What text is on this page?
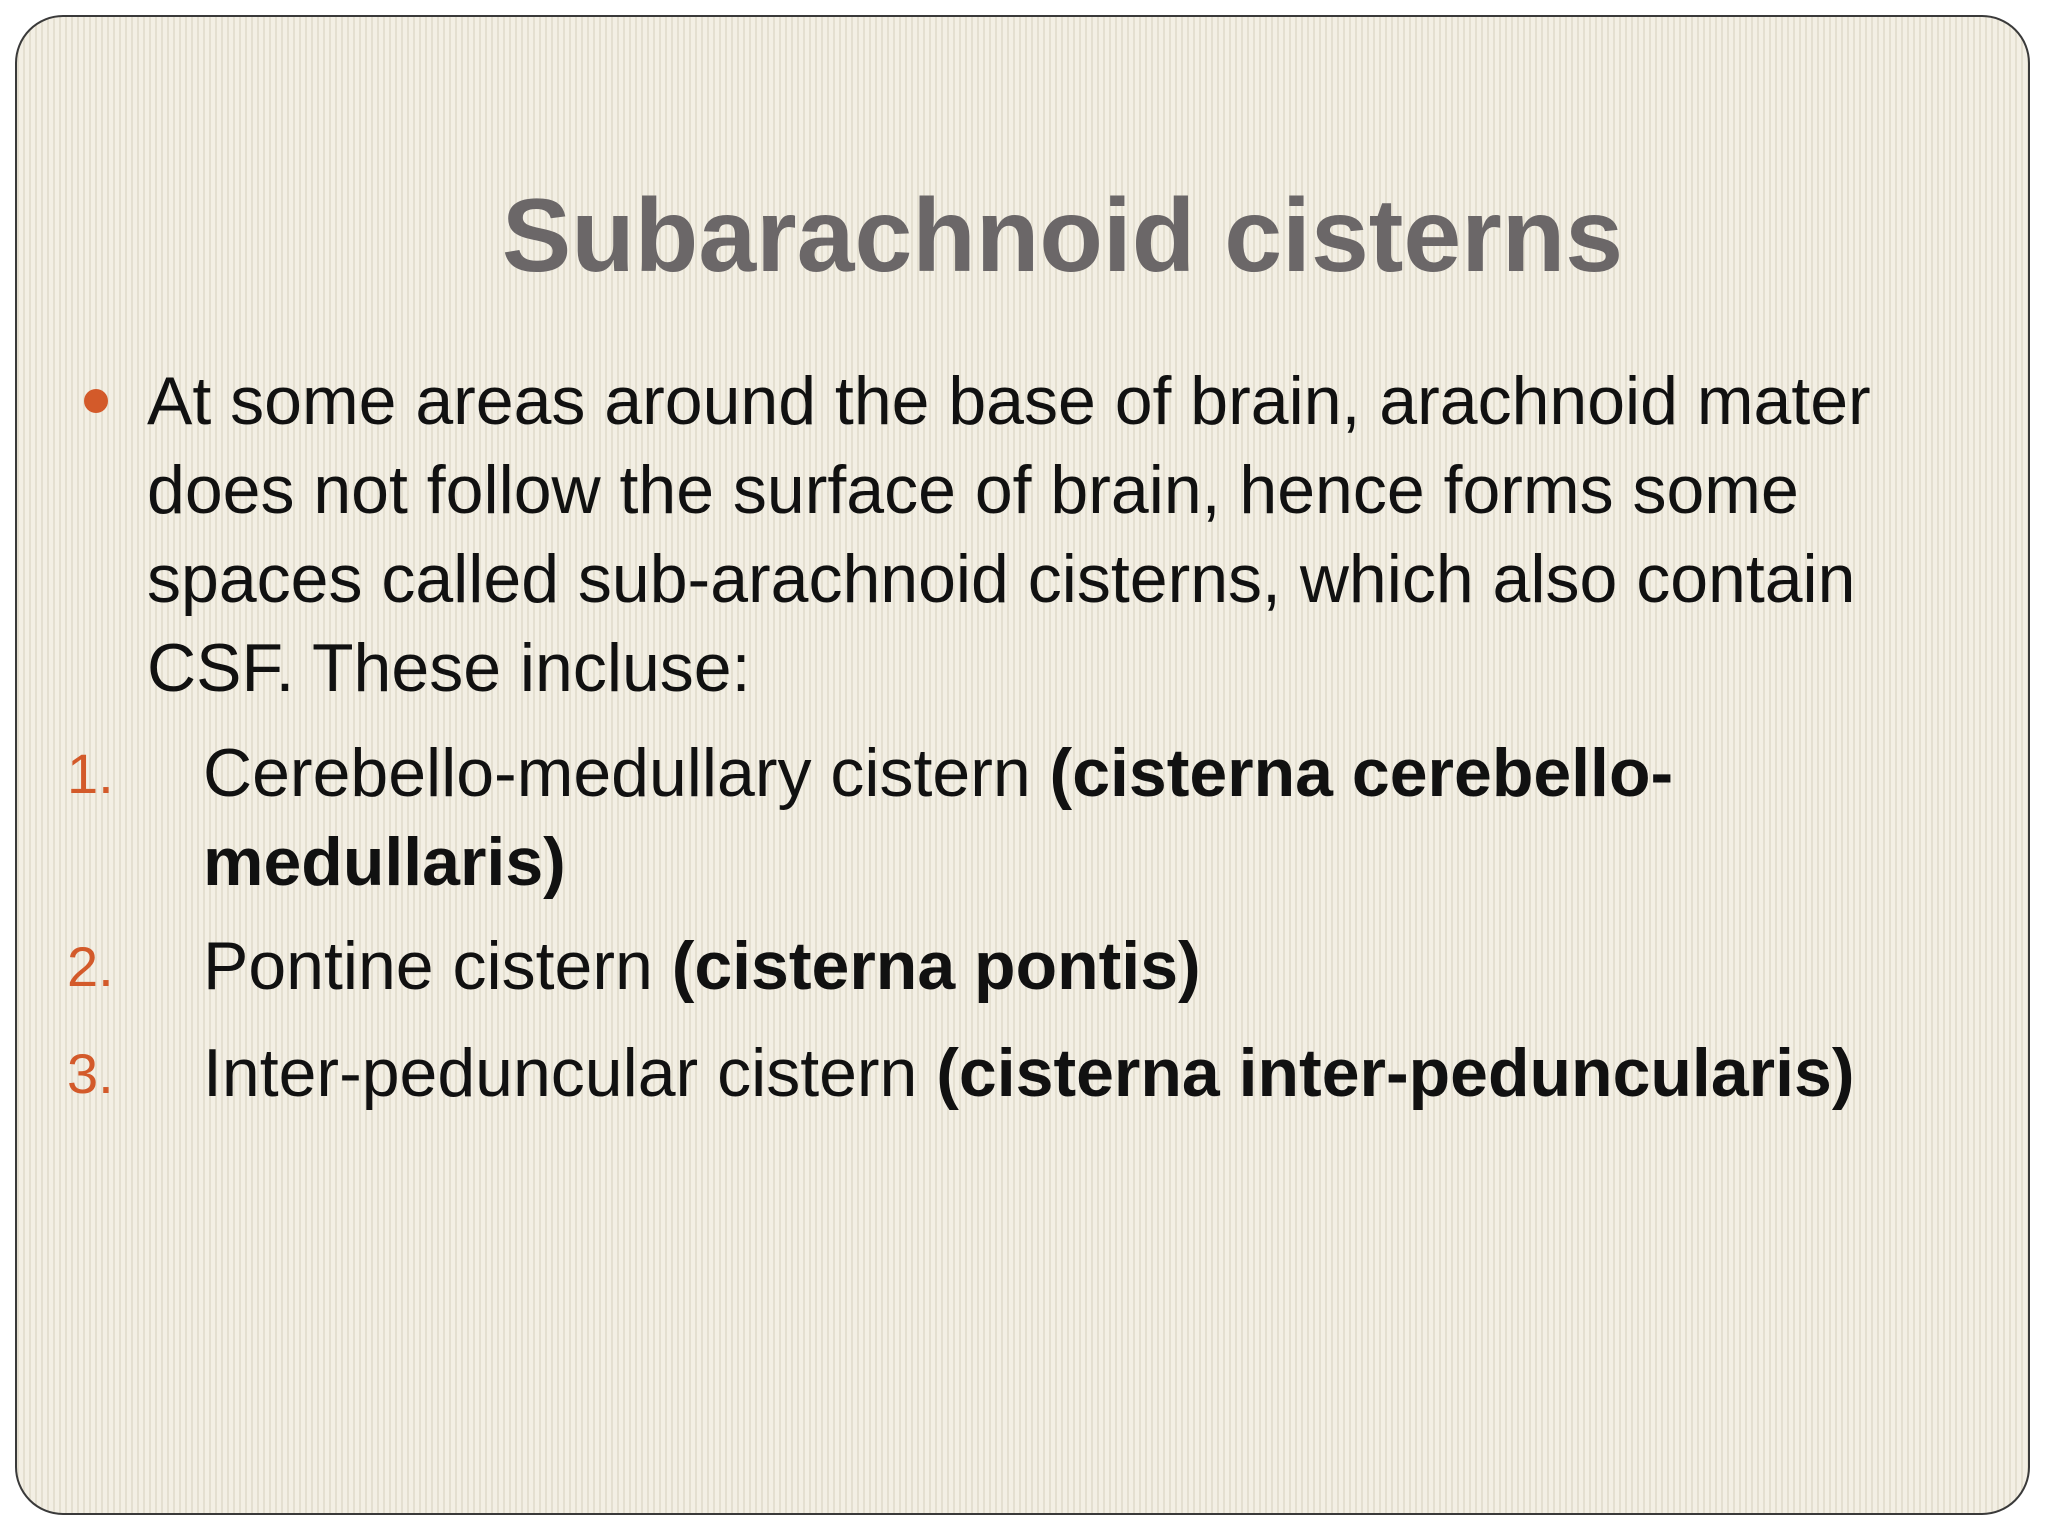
Subarachnoid cisterns
At some areas around the base of brain, arachnoid mater does not follow the surface of brain, hence forms some spaces called sub-arachnoid cisterns, which also contain CSF. These incluse:
1. Cerebello-medullary cistern (cisterna cerebello-medullaris)
2. Pontine cistern (cisterna pontis)
3. Inter-peduncular cistern (cisterna inter-peduncularis)
